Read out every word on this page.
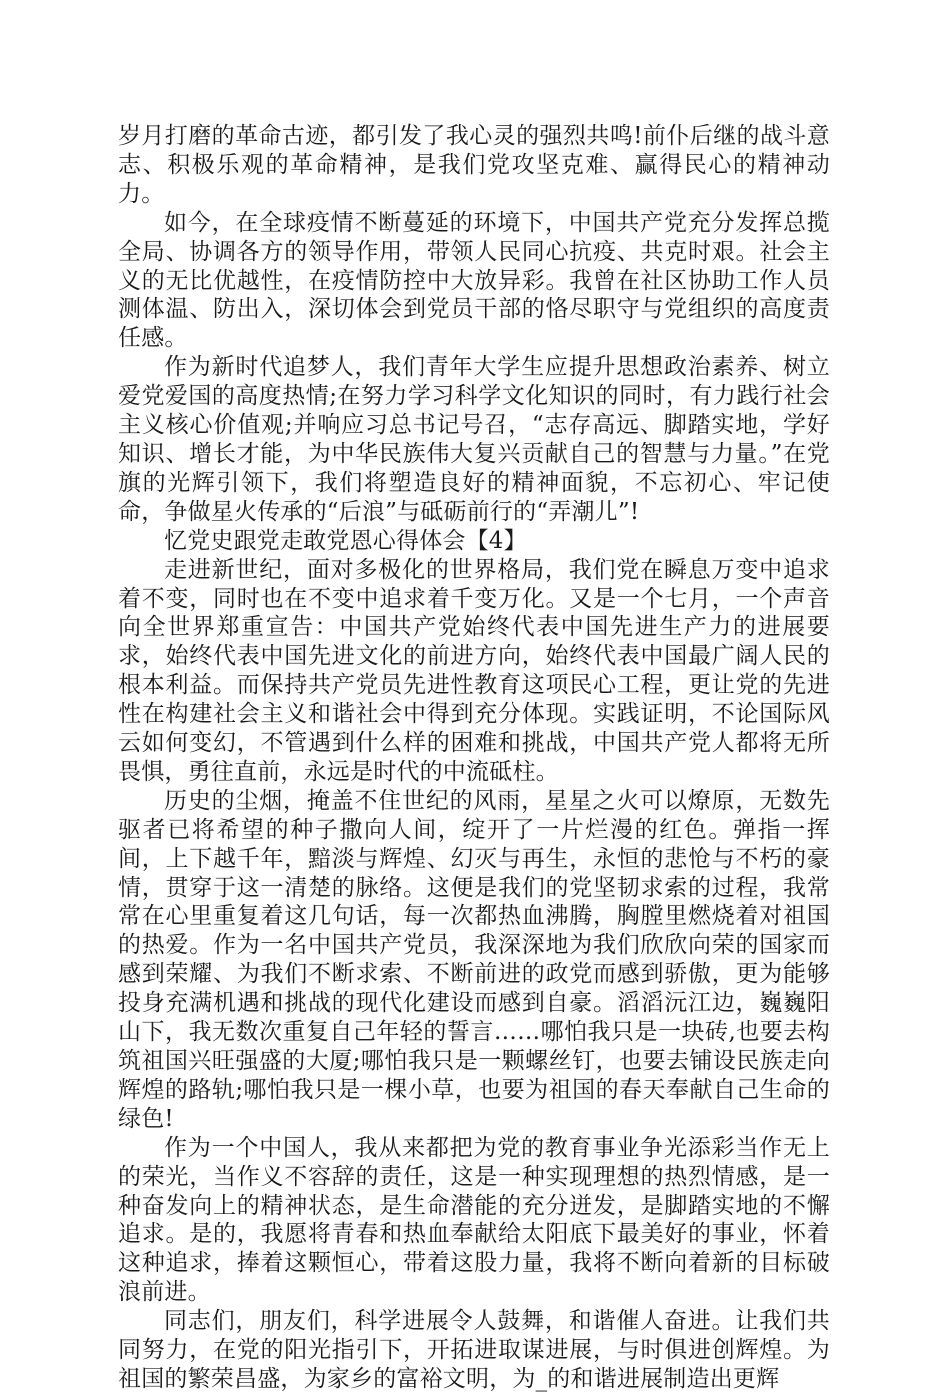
岁月打磨的革命古迹，都引发了我心灵的强烈共鸣!前仆后继的战斗意志、积极乐观的革命精神，是我们党攻坚克难、赢得民心的精神动力。

如今，在全球疫情不断蔓延的环境下，中国共产党充分发挥总揽全局、协调各方的领导作用，带领人民同心抗疫、共克时艰。社会主义的无比优越性，在疫情防控中大放异彩。我曾在社区协助工作人员测体温、防出入，深切体会到党员干部的恪尽职守与党组织的高度责任感。

作为新时代追梦人，我们青年大学生应提升思想政治素养、树立爱党爱国的高度热情;在努力学习科学文化知识的同时，有力践行社会主义核心价值观;并响应习总书记号召，“志存高远、脚踏实地，学好知识、增长才能，为中华民族伟大复兴贡献自己的智慧与力量。”在党旗的光辉引领下，我们将塑造良好的精神面貌，不忘初心、牢记使命，争做星火传承的“后浪”与砥砺前行的“弄潮儿”!

忆党史跟党走敢党恩心得体会【4】

走进新世纪，面对多极化的世界格局，我们党在瞬息万变中追求着不变，同时也在不变中追求着千变万化。又是一个七月，一个声音向全世界郑重宣告：中国共产党始终代表中国先进生产力的进展要求，始终代表中国先进文化的前进方向，始终代表中国最广阔人民的根本利益。而保持共产党员先进性教育这项民心工程，更让党的先进性在构建社会主义和谐社会中得到充分体现。实践证明，不论国际风云如何变幻，不管遇到什么样的困难和挑战，中国共产党人都将无所畏惧，勇往直前，永远是时代的中流砥柱。

历史的尘烟，掩盖不住世纪的风雨，星星之火可以燎原，无数先驱者已将希望的种子撒向人间，绽开了一片烂漫的红色。弹指一挥间，上下越千年，黯淡与辉煌、幻灭与再生，永恒的悲怆与不朽的豪情，贯穿于这一清楚的脉络。这便是我们的党坚韧求索的过程，我常常在心里重复着这几句话，每一次都热血沸腾，胸膛里燃烧着对祖国的热爱。作为一名中国共产党员，我深深地为我们欣欣向荣的国家而感到荣耀、为我们不断求索、不断前进的政党而感到骄傲，更为能够投身充满机遇和挑战的现代化建设而感到自豪。滔滔沅江边，巍巍阳山下，我无数次重复自己年轻的誓言……哪怕我只是一块砖,也要去构筑祖国兴旺强盛的大厦;哪怕我只是一颗螺丝钉，也要去铺设民族走向辉煌的路轨;哪怕我只是一棵小草，也要为祖国的春天奉献自己生命的绿色!

作为一个中国人，我从来都把为党的教育事业争光添彩当作无上的荣光，当作义不容辞的责任，这是一种实现理想的热烈情感，是一种奋发向上的精神状态，是生命潜能的充分迸发，是脚踏实地的不懈追求。是的，我愿将青春和热血奉献给太阳底下最美好的事业，怀着这种追求，捧着这颗恒心，带着这股力量，我将不断向着新的目标破浪前进。

同志们，朋友们，科学进展令人鼓舞，和谐催人奋进。让我们共同努力，在党的阳光指引下，开拓进取谋进展，与时俱进创辉煌。为祖国的繁荣昌盛，为家乡的富裕文明，为_的和谐进展制造出更辉
